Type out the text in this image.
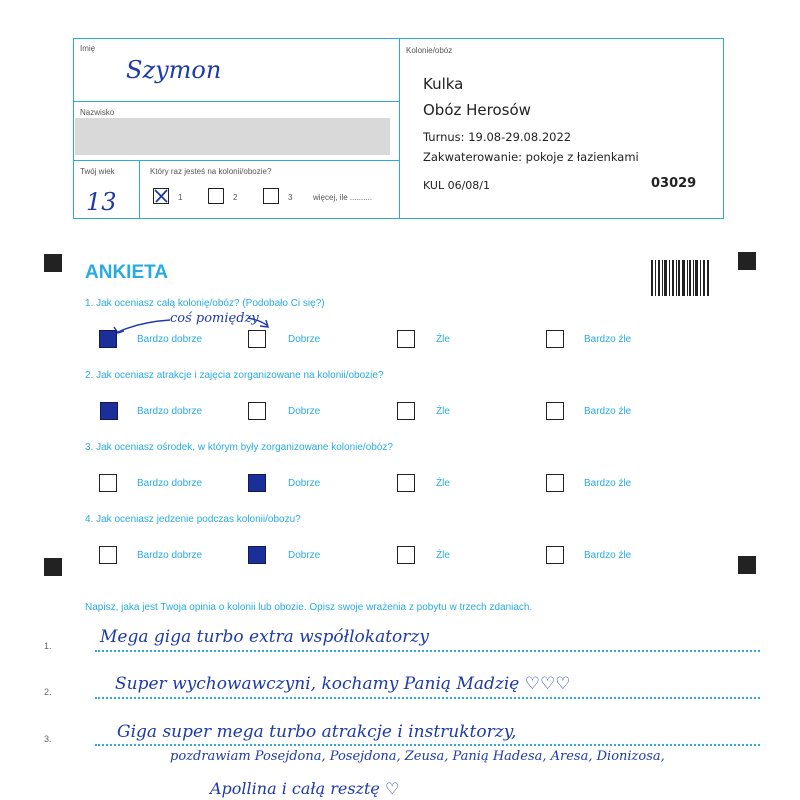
Imię
Szymon
Nazwisko
Twój wiek
13
Który raz jesteś na kolonii/obozie?
1	2	3	więcej, ile ..........
Kolonie/obóz
Kulka
Obóz Herosów
Turnus: 19.08-29.08.2022
Zakwaterowanie: pokoje z łazienkami
KUL 06/08/1	03029
ANKIETA
1. Jak oceniasz całą kolonię/obóz? (Podobało Ci się?)
coś pomiędzy
Bardzo dobrze	Dobrze	Źle	Bardzo źle
2. Jak oceniasz atrakcje i zajęcia zorganizowane na kolonii/obozie?
Bardzo dobrze	Dobrze	Źle	Bardzo źle
3. Jak oceniasz ośrodek, w którym były zorganizowane kolonie/obóz?
Bardzo dobrze	Dobrze	Źle	Bardzo źle
4. Jak oceniasz jedzenie podczas kolonii/obozu?
Bardzo dobrze	Dobrze	Źle	Bardzo źle
Napisz, jaka jest Twoja opinia o kolonii lub obozie. Opisz swoje wrażenia z pobytu w trzech zdaniach.
1.	Mega giga turbo extra współlokatorzy
2.	Super wychowawczyni, kochamy Panią Madzię ♡♡♡
3.	Giga super mega turbo atrakcje i instruktorzy,
pozdrawiam Posejdona, Posejdona, Zeusa, Panią Hadesa, Aresa, Dionizosa,
Apollina i całą resztę ♡
